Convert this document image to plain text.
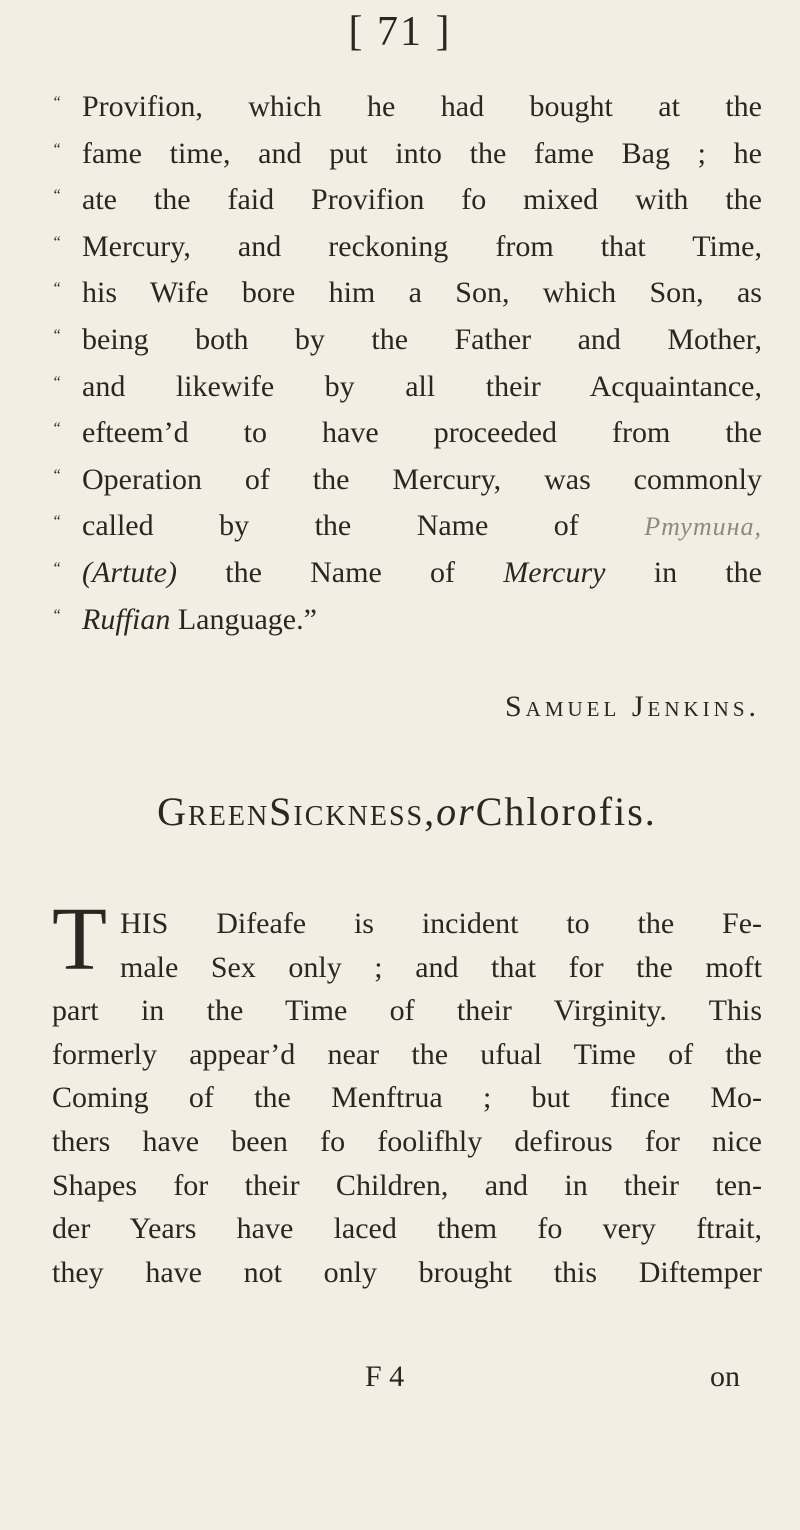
[ 71 ]
“ Provifion, which he had bought at the
“ fame time, and put into the fame Bag ; he
“ ate the faid Provifion fo mixed with the
“ Mercury, and reckoning from that Time,
“ his Wife bore him a Son, which Son, as
“ being both by the Father and Mother,
“ and likewife by all their Acquaintance,
“ efteem’d to have proceeded from the
“ Operation of the Mercury, was commonly
“ called by the Name of	Ртутина,
“ (Artute) the Name of Mercury in the
“ Ruffian Language.”
Samuel Jenkins.
GreenSickness,orChlorofis.
T HIS Difeafe is incident to the Fe-
male Sex only ; and that for the moft
part in the Time of their Virginity. This
formerly appear’d near the ufual Time of the
Coming of the Menftrua ; but fince Mo-
thers have been fo foolifhly defirous for nice
Shapes for their Children, and in their ten-
der Years have laced them fo very ftrait,
they have not only brought this Diftemper
F 4	on
